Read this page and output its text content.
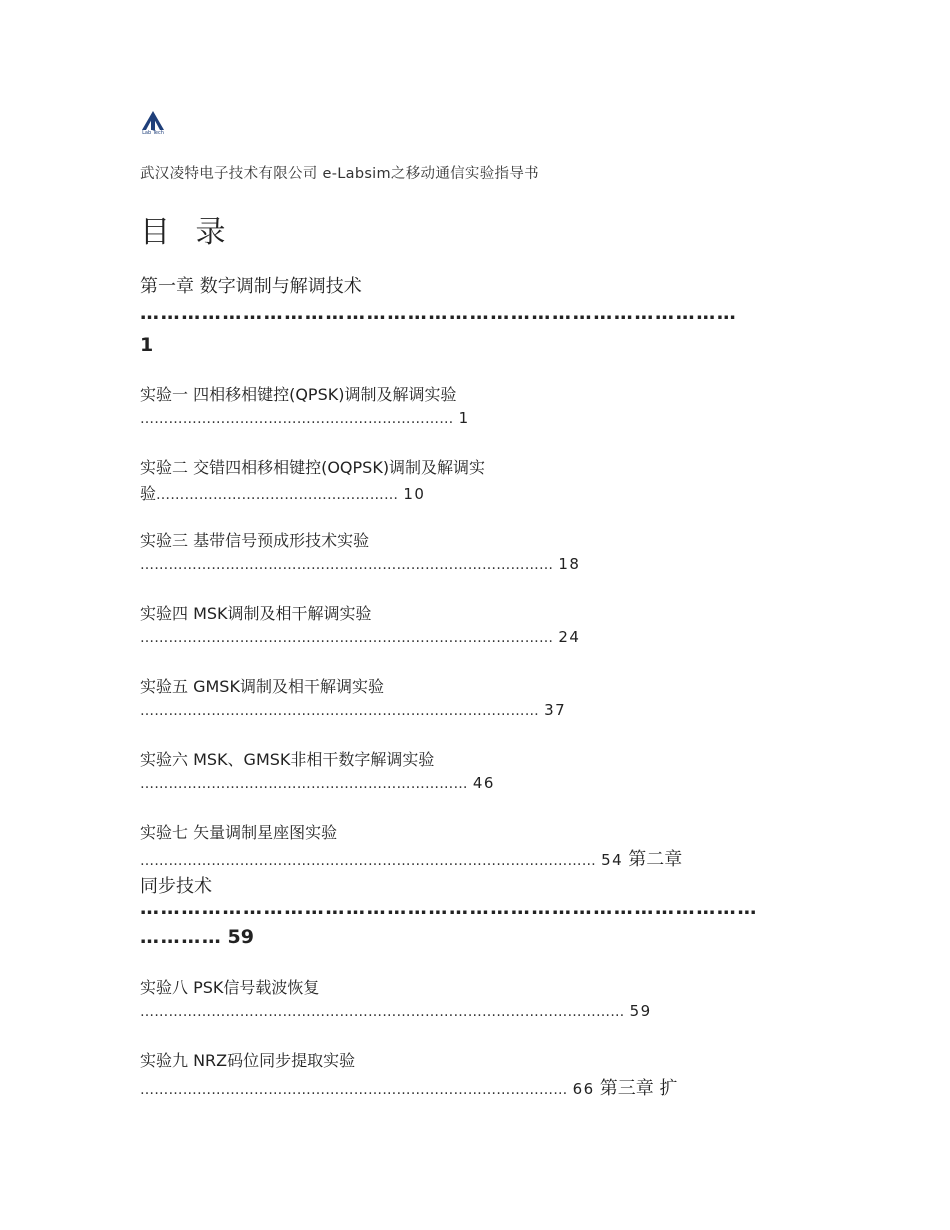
Lab Tech
武汉凌特电子技术有限公司 e-Labsim之移动通信实验指导书
目 录
第一章 数字调制与解调技术
……………………………………………………………………………
1
实验一 四相移相键控(QPSK)调制及解调实验
………………………………………………………… 1
实验二 交错四相移相键控(OQPSK)调制及解调实
验…………………………………………… 10
实验三 基带信号预成形技术实验
…………………………………………………………………………… 18
实验四 MSK调制及相干解调实验
…………………………………………………………………………… 24
实验五 GMSK调制及相干解调实验
………………………………………………………………………… 37
实验六 MSK、GMSK非相干数字解调实验
…………………………………………………………… 46
实验七 矢量调制星座图实验
…………………………………………………………………………………… 54 第二章
同步技术
………………………………………………………………………………
………… 59
实验八 PSK信号载波恢复
………………………………………………………………………………………… 59
实验九 NRZ码位同步提取实验
……………………………………………………………………………… 66 第三章 扩
